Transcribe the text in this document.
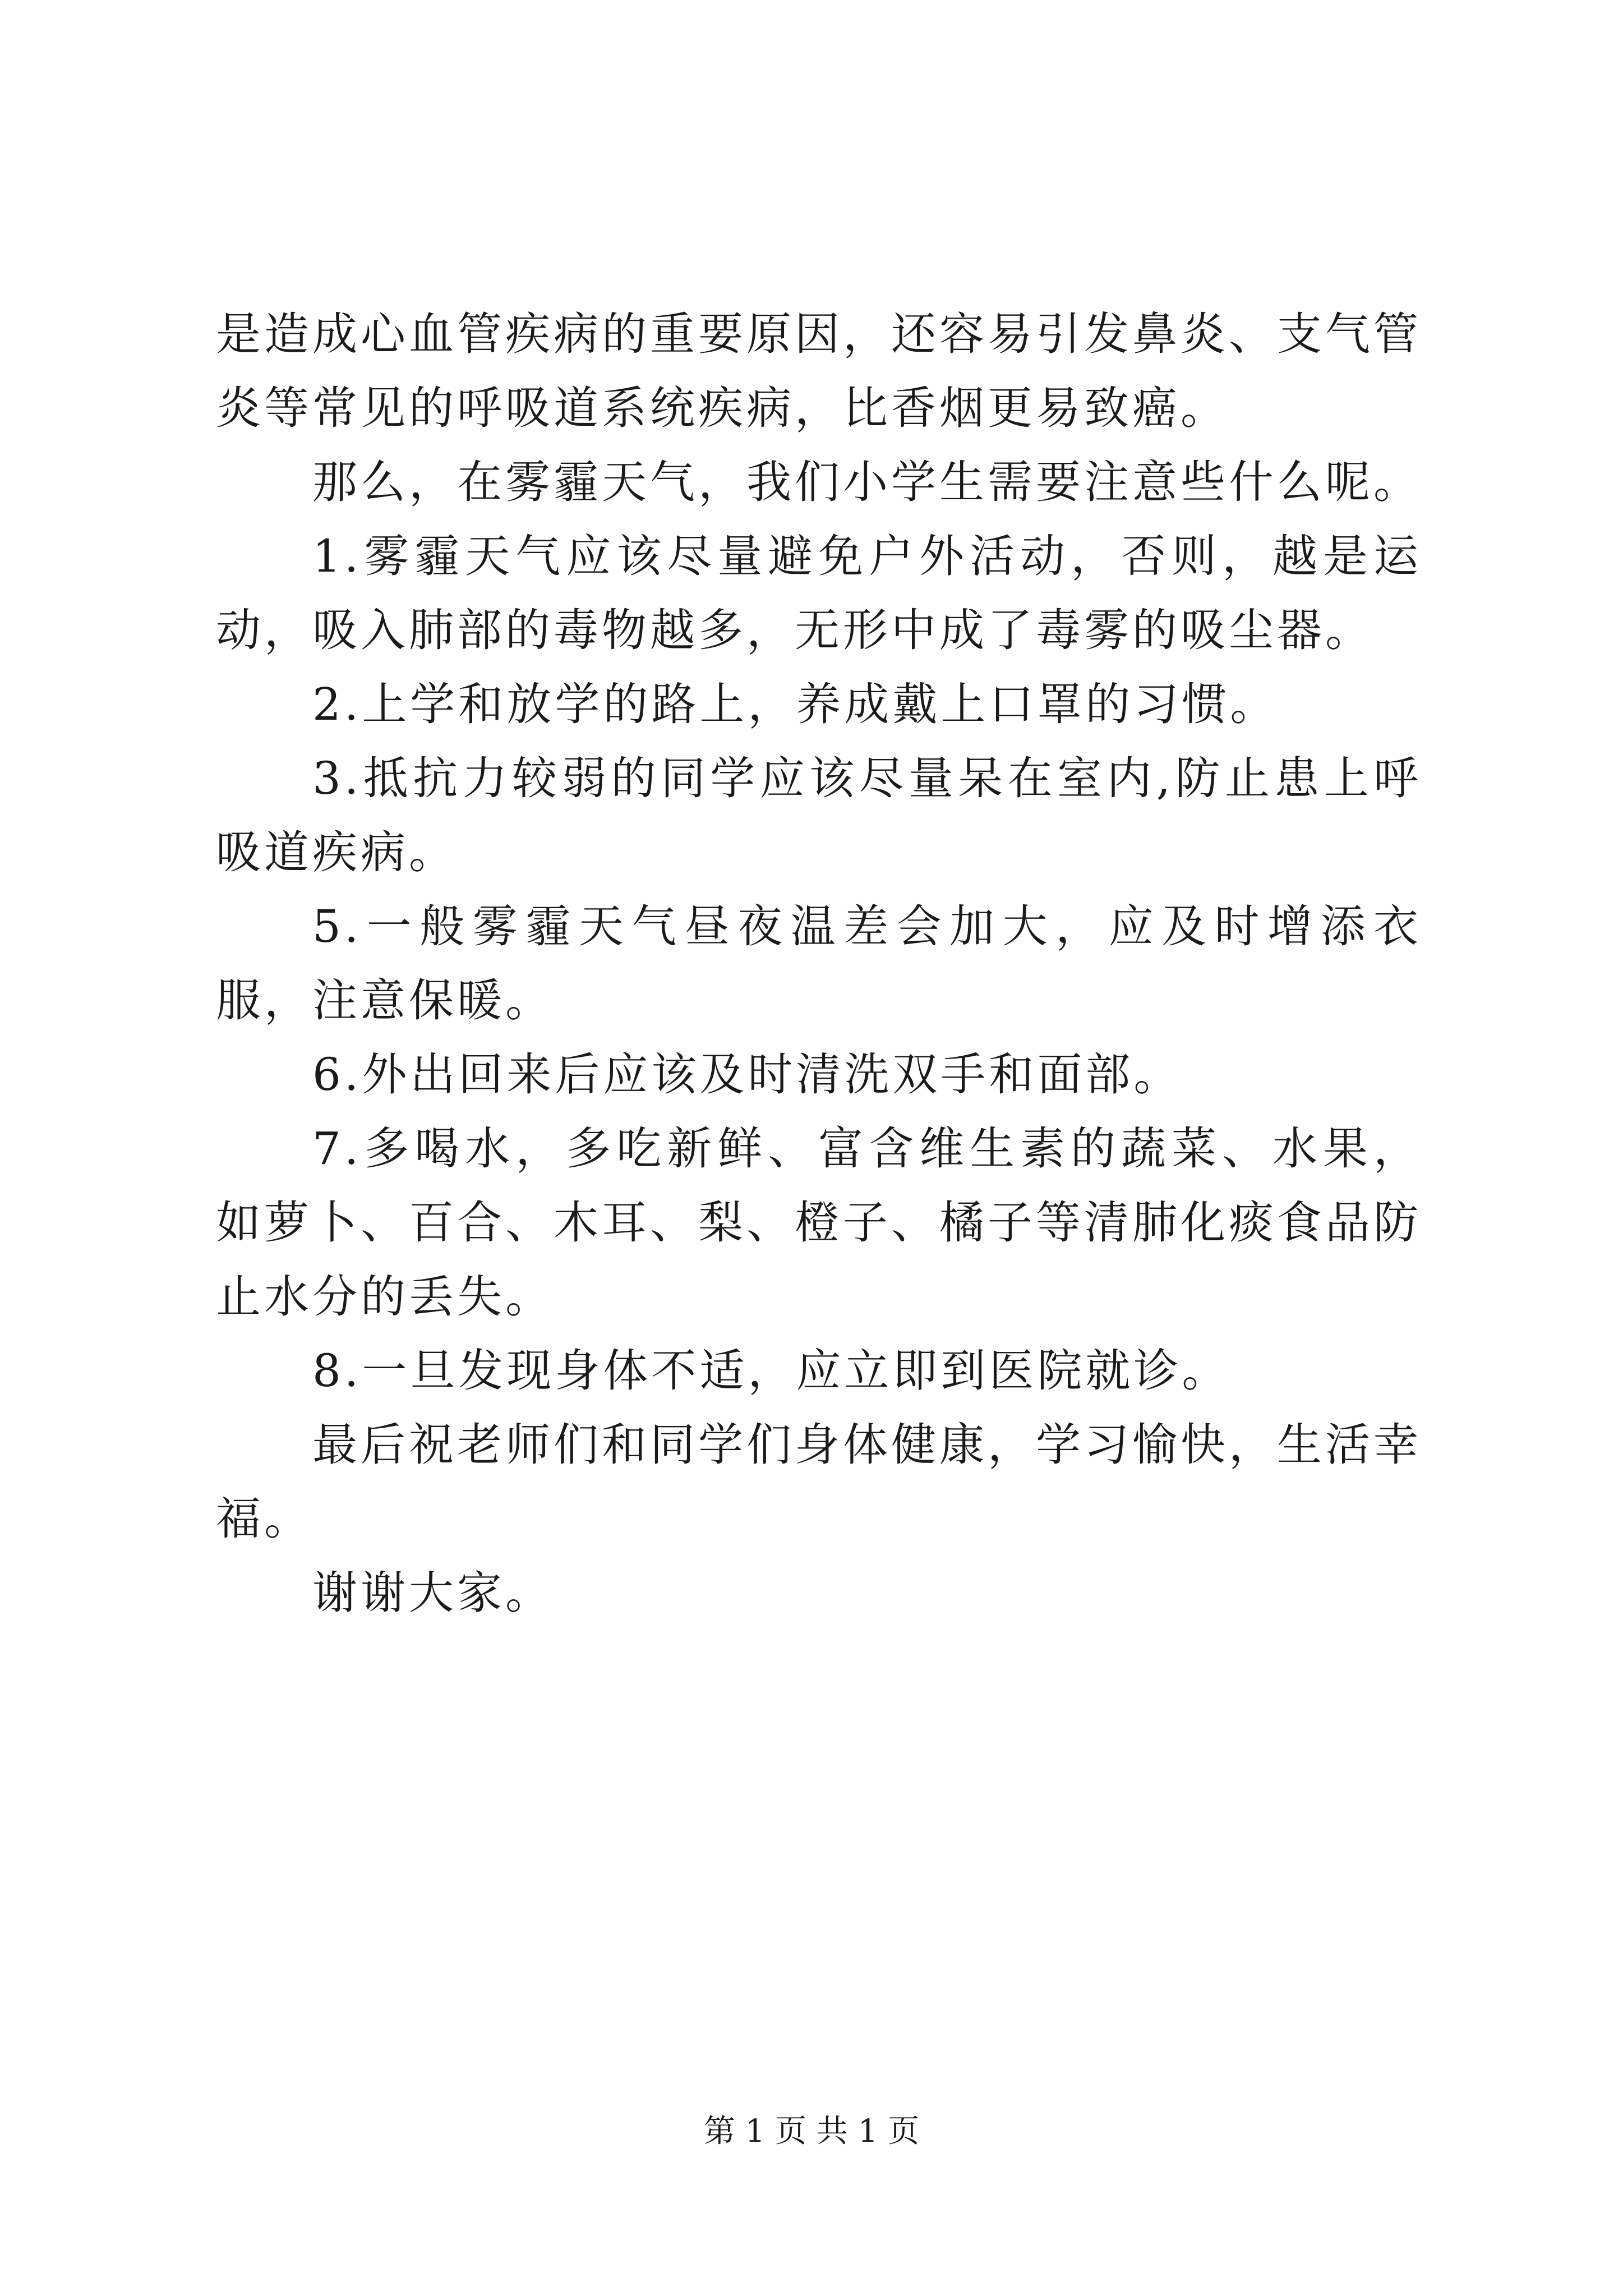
是造成心血管疾病的重要原因，还容易引发鼻炎、支气管炎等常见的呼吸道系统疾病，比香烟更易致癌。

那么，在雾霾天气，我们小学生需要注意些什么呢。

1.雾霾天气应该尽量避免户外活动，否则，越是运动，吸入肺部的毒物越多，无形中成了毒雾的吸尘器。

2.上学和放学的路上，养成戴上口罩的习惯。

3.抵抗力较弱的同学应该尽量呆在室内,防止患上呼吸道疾病。

5.一般雾霾天气昼夜温差会加大，应及时增添衣服，注意保暖。

6.外出回来后应该及时清洗双手和面部。

7.多喝水，多吃新鲜、富含维生素的蔬菜、水果，如萝卜、百合、木耳、梨、橙子、橘子等清肺化痰食品防止水分的丢失。

8.一旦发现身体不适，应立即到医院就诊。

最后祝老师们和同学们身体健康，学习愉快，生活幸福。

谢谢大家。

第 1 页 共 1 页
